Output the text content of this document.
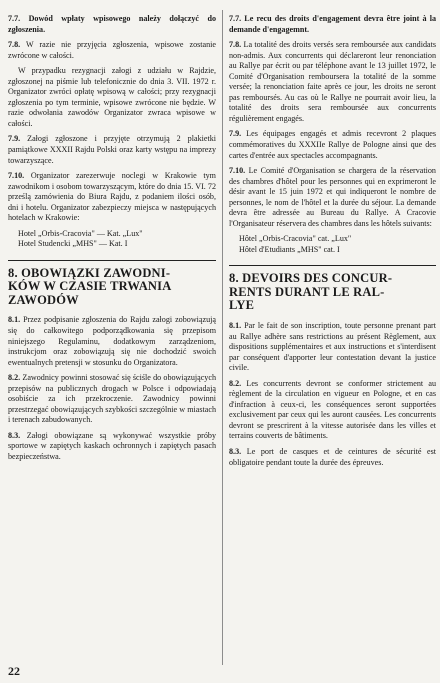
7.7. Dowód wpłaty wpisowego należy dołączyć do zgłoszenia.

7.8. W razie nie przyjęcia zgłoszenia, wpisowe zostanie zwrócone w całości.

W przypadku rezygnacji załogi z udziału w Rajdzie, zgłoszonej na piśmie lub telefonicznie do dnia 3. VII. 1972 r. Organizator zwróci opłatę wpisową w całości; przy rezygnacji zgłoszenia po tym terminie, wpisowe zwrócone nie będzie. W razie odwołania zawodów Organizator zwraca wpisowe w całości.

7.9. Załogi zgłoszone i przyjęte otrzymują 2 plakietki pamiątkowe XXXII Rajdu Polski oraz karty wstępu na imprezy towarzyszące.

7.10. Organizator zarezerwuje noclegi w Krakowie tym zawodnikom i osobom towarzyszącym, które do dnia 15. VI. 72 prześlą zamówienia do Biura Rajdu, z podaniem ilości osób, dni i hotelu. Organizator zabezpieczy miejsca w następujących hotelach w Krakowie:

Hotel „Orbis-Cracovia" — Kat. „Lux"
Hotel Studencki „MHS" — Kat. I
8. OBOWIĄZKI ZAWODNI-
KÓW W CZASIE TRWANIA
ZAWODÓW

8.1. Przez podpisanie zgłoszenia do Rajdu załogi zobowiązują się do całkowitego podporządkowania się przepisom niniejszego Regulaminu, dodatkowym zarządzeniom, instrukcjom oraz zobowiązują się nie dochodzić swoich ewentualnych pretensji w stosunku do Organizatora.

8.2. Zawodnicy powinni stosować się ściśle do obowiązujących przepisów na publicznych drogach w Polsce i odpowiadają osobiście za ich przekroczenie. Zawodnicy powinni przestrzegać obowiązujących szybkości szczególnie w miastach i terenach zabudowanych.

8.3. Załogi obowiązane są wykonywać wszystkie próby sportowe w zapiętych kaskach ochronnych i zapiętych pasach bezpieczeństwa.

7.7. Le recu des droits d'engagement devra être joint à la demande d'engagemnt.

7.8. La totalité des droits versés sera remboursée aux candidats non-admis. Aux concurrents qui déclareront leur renonciation au Rallye par écrit ou par téléphone avant le 13 juillet 1972, le Comité d'Organisation remboursera la totalité de la somme versée; la renonciation faite après ce jour, les droits ne seront pas remboursés. Au cas où le Rallye ne pourrait avoir lieu, la totalité des droits sera remboursée aux concurrents régulièrement engagés.

7.9. Les équipages engagés et admis recevront 2 plaques commémoratives du XXXIIe Rallye de Pologne ainsi que des cartes d'entrée aux spectacles accompagnants.

7.10. Le Comité d'Organisation se chargera de la réservation des chambres d'hôtel pour les personnes qui en exprimeront le désir avant le 15 juin 1972 et qui indiqueront le nombre de personnes, le nom de l'hôtel et la durée du séjour. La demande devra être adressée au Bureau du Rallye. A Cracovie l'Organisateur réservera des chambres dans les hôtels suivants:

Hôtel „Orbis-Cracovia" cat. „Lux"
Hôtel d'Etudiants „MHS" cat. I
8. DEVOIRS DES CONCUR-
RENTS DURANT LE RAL-
LYE

8.1. Par le fait de son inscription, toute personne prenant part au Rallye adhère sans restrictions au présent Règlement, aux dispositions supplémentaires et aux instructions et s'interdisent par conséquent d'apporter leur contestation devant la justice civile.

8.2. Les concurrents devront se conformer strictement au règlement de la circulation en vigueur en Pologne, et en cas d'infraction à ceux-ci, les conséquences seront supportées exclusivement par ceux qui les auront causées. Les concurrents devront se prescrirent à la vitesse autorisée dans les villes et terrains couverts de bâtiments.

8.3. Le port de casques et de ceintures de sécurité est obligatoire pendant toute la durée des épreuves.

22
